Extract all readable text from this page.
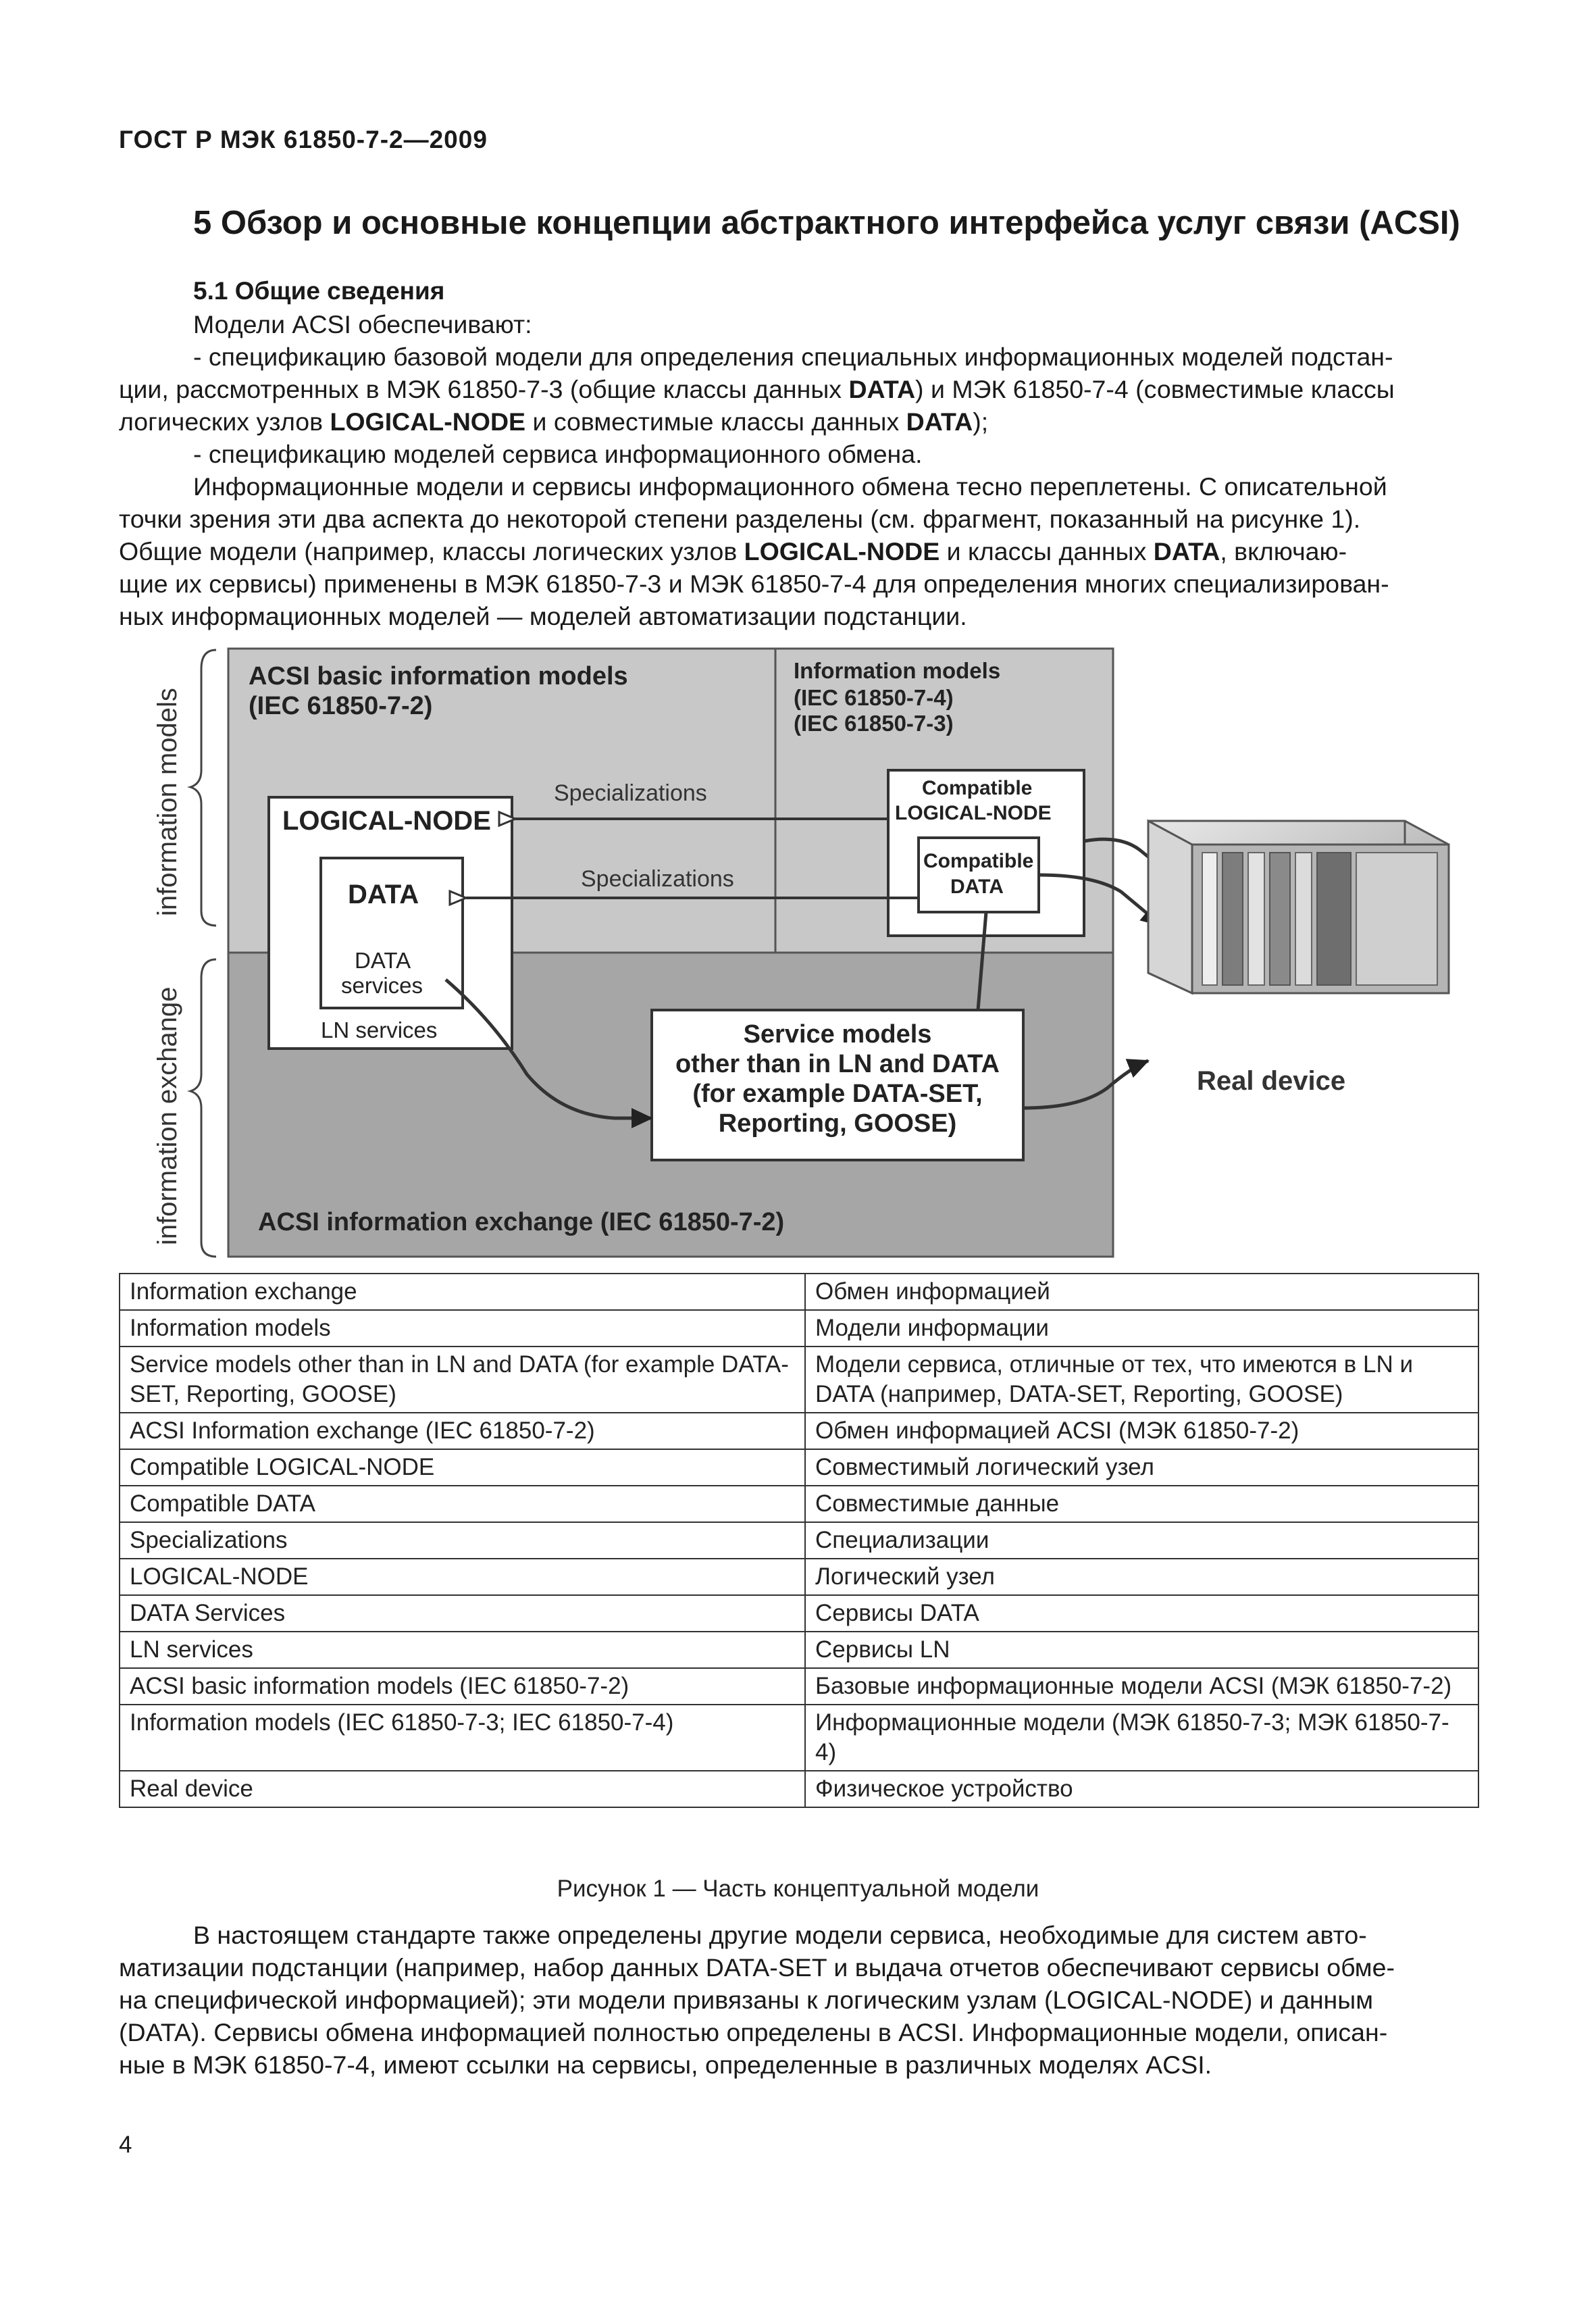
ГОСТ Р МЭК 61850-7-2—2009
5 Обзор и основные концепции абстрактного интерфейса услуг связи (ACSI)
5.1 Общие сведения
Модели ACSI обеспечивают:
- спецификацию базовой модели для определения специальных информационных моделей подстан-
ции, рассмотренных в МЭК 61850-7-3 (общие классы данных DATA) и МЭК 61850-7-4 (совместимые классы
логических узлов LOGICAL-NODE и совместимые классы данных DATA);
- спецификацию моделей сервиса информационного обмена.
Информационные модели и сервисы информационного обмена тесно переплетены. С описательной
точки зрения эти два аспекта до некоторой степени разделены (см. фрагмент, показанный на рисунке 1).
Общие модели (например, классы логических узлов LOGICAL-NODE и классы данных DATA, включаю-
щие их сервисы) применены в МЭК 61850-7-3 и МЭК 61850-7-4 для определения многих специализирован-
ных информационных моделей — моделей автоматизации подстанции.
information models
information exchange
ACSI basic information models
(IEC 61850-7-2)
Information models
(IEC 61850-7-4)
(IEC 61850-7-3)
LOGICAL-NODE
DATA
DATA
services
LN services
Specializations
Specializations
Compatible
LOGICAL-NODE
Compatible
DATA
Service models
other than in LN and DATA
(for example DATA-SET,
Reporting, GOOSE)
Real device
ACSI information exchange (IEC 61850-7-2)
Information exchange	Обмен информацией
Information models	Модели информации
Service models other than in LN and DATA (for example DATA-SET, Reporting, GOOSE)	Модели сервиса, отличные от тех, что имеются в LN и DATA (например, DATA-SET, Reporting, GOOSE)
ACSI Information exchange (IEC 61850-7-2)	Обмен информацией ACSI (МЭК 61850-7-2)
Compatible LOGICAL-NODE	Совместимый логический узел
Compatible DATA	Совместимые данные
Specializations	Специализации
LOGICAL-NODE	Логический узел
DATA Services	Сервисы DATA
LN services	Сервисы LN
ACSI basic information models (IEC 61850-7-2)	Базовые информационные модели ACSI (МЭК 61850-7-2)
Information models (IEC 61850-7-3; IEC 61850-7-4)	Информационные модели (МЭК 61850-7-3; МЭК 61850-7-4)
Real device	Физическое устройство
Рисунок 1 — Часть концептуальной модели
В настоящем стандарте также определены другие модели сервиса, необходимые для систем авто-
матизации подстанции (например, набор данных DATA-SET и выдача отчетов обеспечивают сервисы обме-
на специфической информацией); эти модели привязаны к логическим узлам (LOGICAL-NODE) и данным
(DATA). Сервисы обмена информацией полностью определены в ACSI. Информационные модели, описан-
ные в МЭК 61850-7-4, имеют ссылки на сервисы, определенные в различных моделях ACSI.
4
